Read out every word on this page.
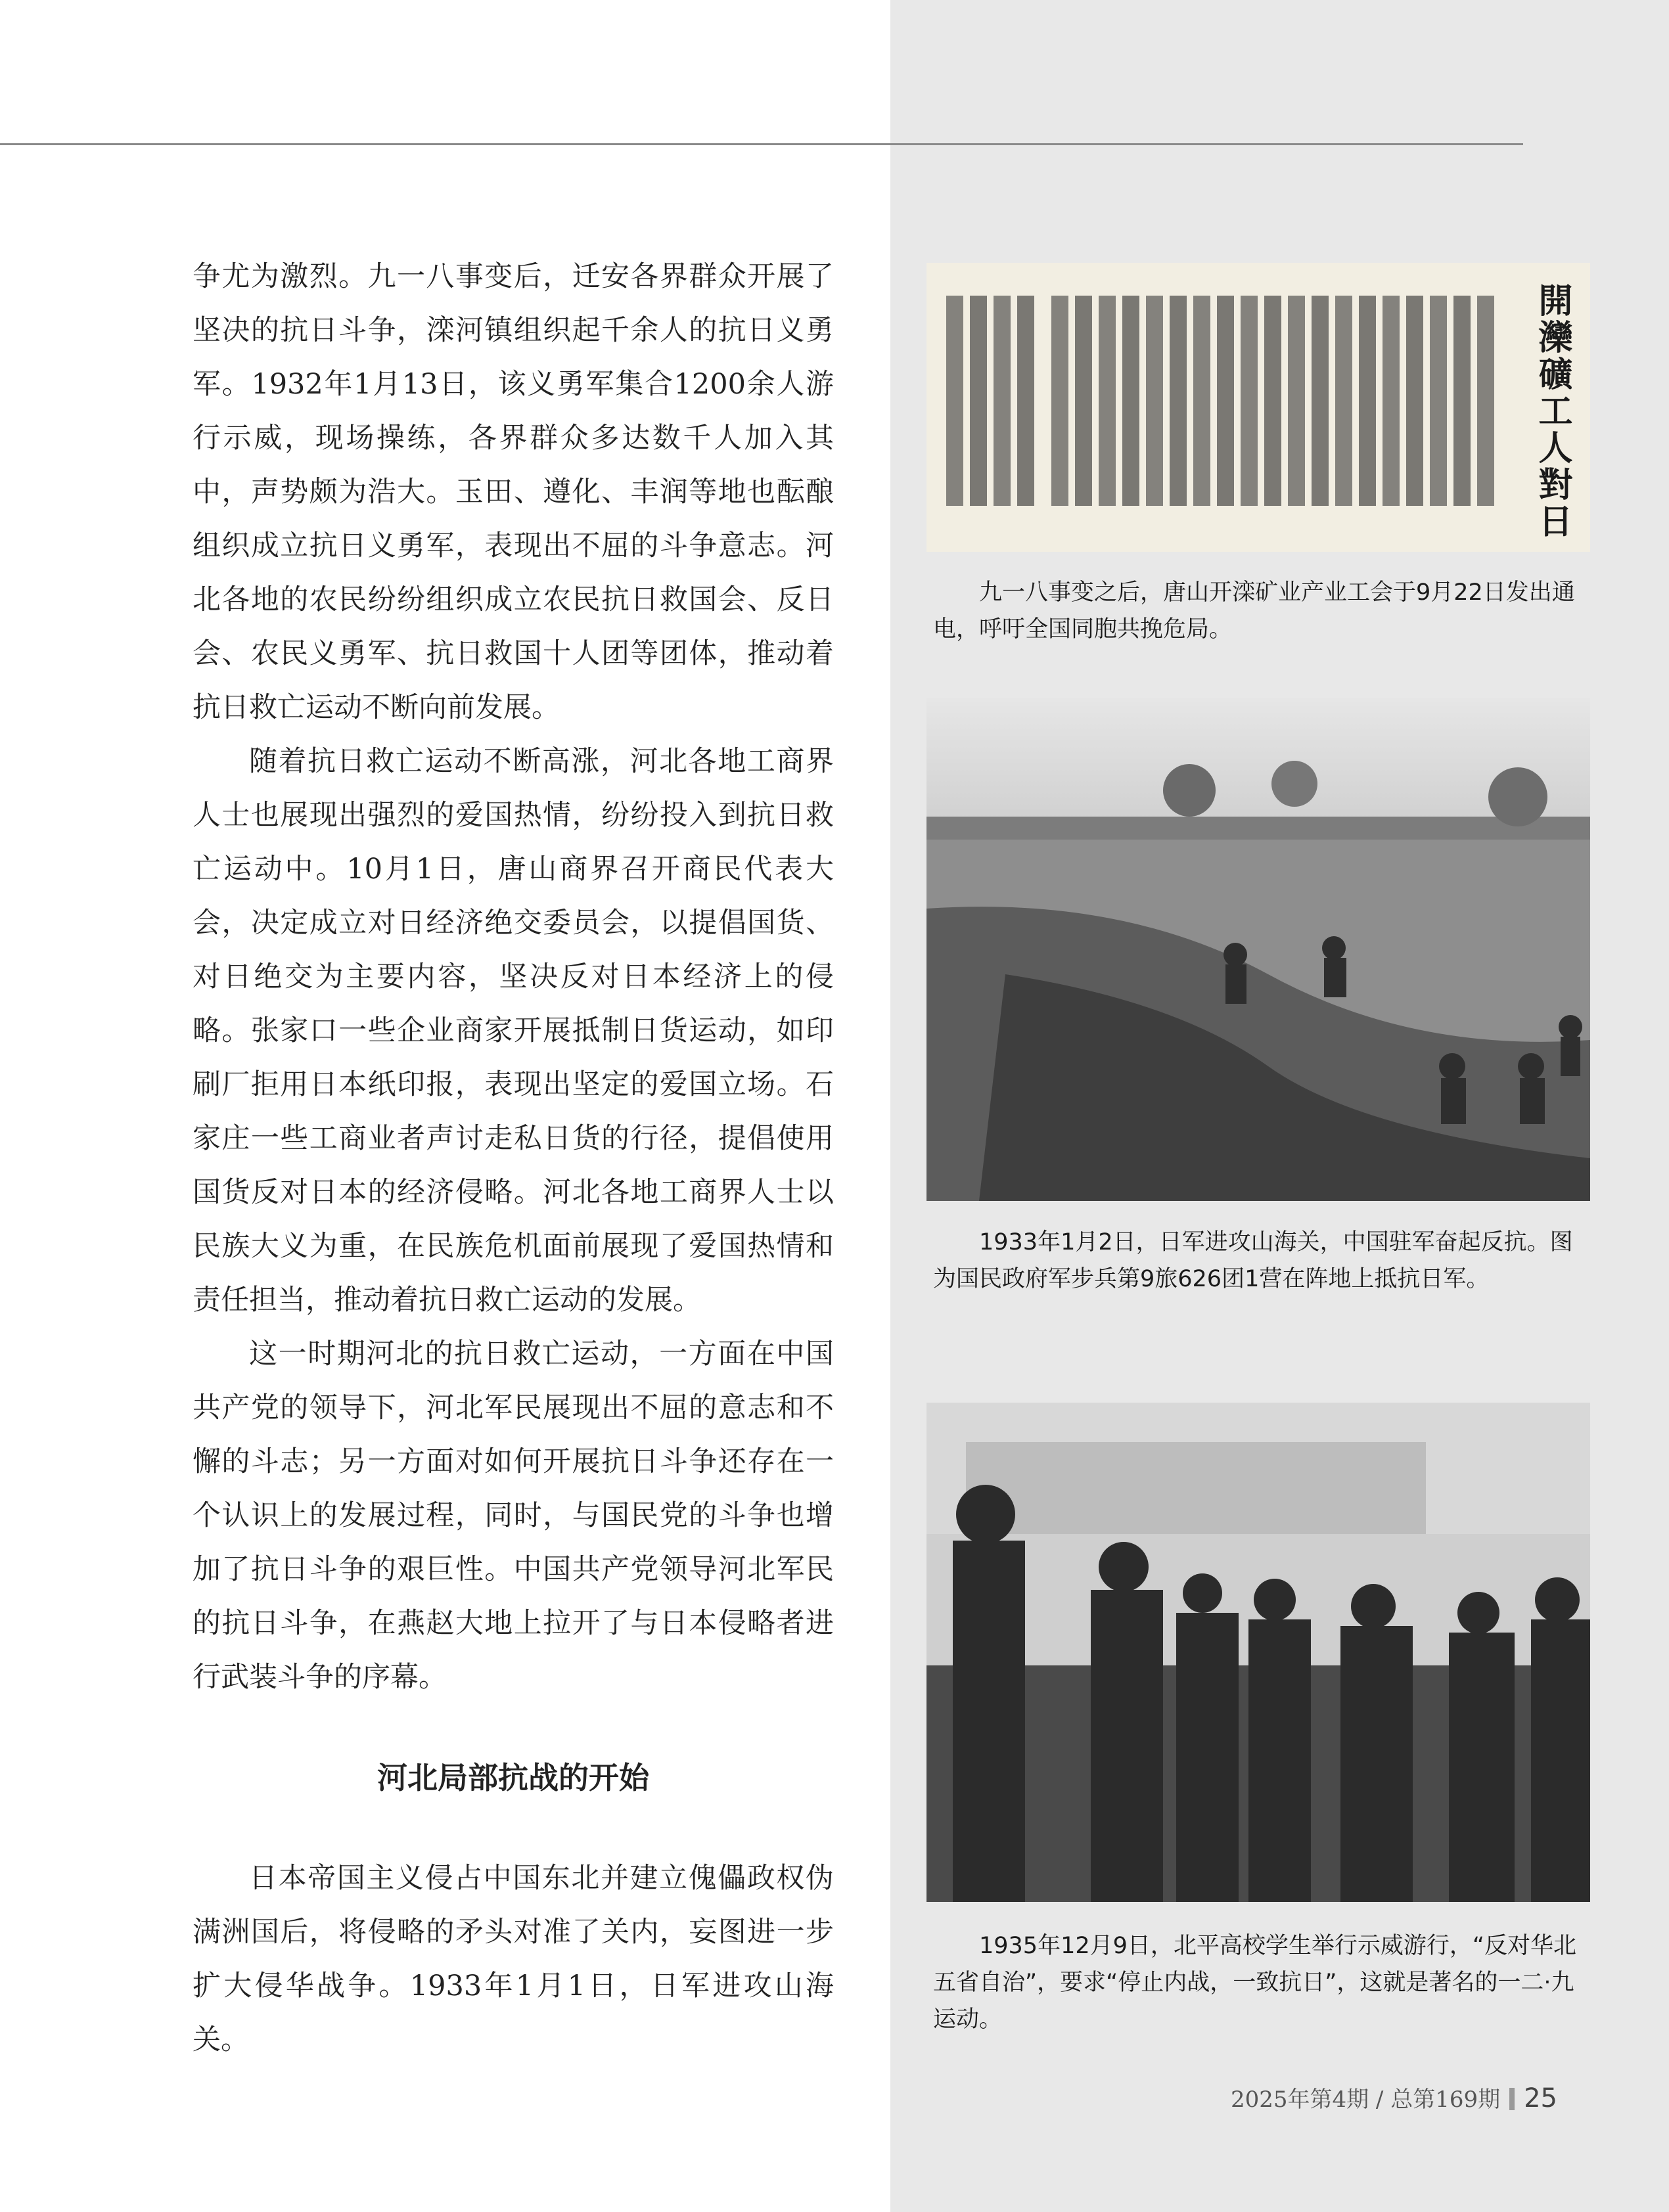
争尤为激烈。九一八事变后，迁安各界群众开展了坚决的抗日斗争，滦河镇组织起千余人的抗日义勇军。1932年1月13日，该义勇军集合1200余人游行示威，现场操练，各界群众多达数千人加入其中，声势颇为浩大。玉田、遵化、丰润等地也酝酿组织成立抗日义勇军，表现出不屈的斗争意志。河北各地的农民纷纷组织成立农民抗日救国会、反日会、农民义勇军、抗日救国十人团等团体，推动着抗日救亡运动不断向前发展。

随着抗日救亡运动不断高涨，河北各地工商界人士也展现出强烈的爱国热情，纷纷投入到抗日救亡运动中。10月1日，唐山商界召开商民代表大会，决定成立对日经济绝交委员会，以提倡国货、对日绝交为主要内容，坚决反对日本经济上的侵略。张家口一些企业商家开展抵制日货运动，如印刷厂拒用日本纸印报，表现出坚定的爱国立场。石家庄一些工商业者声讨走私日货的行径，提倡使用国货反对日本的经济侵略。河北各地工商界人士以民族大义为重，在民族危机面前展现了爱国热情和责任担当，推动着抗日救亡运动的发展。

这一时期河北的抗日救亡运动，一方面在中国共产党的领导下，河北军民展现出不屈的意志和不懈的斗志；另一方面对如何开展抗日斗争还存在一个认识上的发展过程，同时，与国民党的斗争也增加了抗日斗争的艰巨性。中国共产党领导河北军民的抗日斗争，在燕赵大地上拉开了与日本侵略者进行武装斗争的序幕。

河北局部抗战的开始

日本帝国主义侵占中国东北并建立傀儡政权伪满洲国后，将侵略的矛头对准了关内，妄图进一步扩大侵华战争。1933年1月1日，日军进攻山海关。

開灤礦工人對日

九一八事变之后，唐山开滦矿业产业工会于9月22日发出通电，呼吁全国同胞共挽危局。

1933年1月2日，日军进攻山海关，中国驻军奋起反抗。图为国民政府军步兵第9旅626团1营在阵地上抵抗日军。

1935年12月9日，北平高校学生举行示威游行，“反对华北五省自治”，要求“停止内战，一致抗日”，这就是著名的一二·九运动。

2025年第4期 / 总第169期 25
